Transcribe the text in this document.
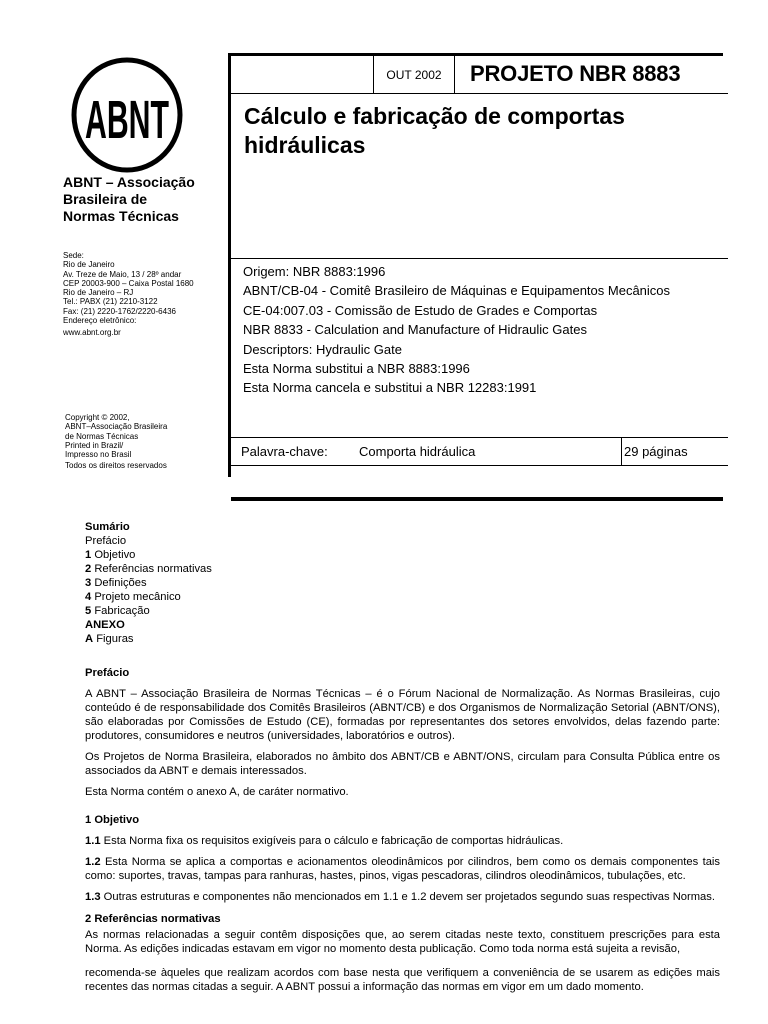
ABNT
ABNT – Associação
Brasileira de
Normas Técnicas
Sede:
Rio de Janeiro
Av. Treze de Maio, 13 / 28º andar
CEP 20003-900 – Caixa Postal 1680
Rio de Janeiro – RJ
Tel.: PABX (21) 2210-3122
Fax: (21) 2220-1762/2220-6436
Endereço eletrônico:
www.abnt.org.br
Copyright © 2002,
ABNT–Associação Brasileira
de Normas Técnicas
Printed in Brazil/
Impresso no Brasil
Todos os direitos reservados
OUT 2002 PROJETO NBR 8883
Cálculo e fabricação de comportas
hidráulicas
Origem: NBR 8883:1996
ABNT/CB-04 - Comitê Brasileiro de Máquinas e Equipamentos Mecânicos
CE-04:007.03 - Comissão de Estudo de Grades e Comportas
NBR 8833 - Calculation and Manufacture of Hidraulic Gates
Descriptors: Hydraulic Gate
Esta Norma substitui a NBR 8883:1996
Esta Norma cancela e substitui a NBR 12283:1991
Palavra-chave: Comporta hidráulica	29 páginas
Sumário
Prefácio
1 Objetivo
2 Referências normativas
3 Definições
4 Projeto mecânico
5 Fabricação
ANEXO
A Figuras
Prefácio

A ABNT – Associação Brasileira de Normas Técnicas – é o Fórum Nacional de Normalização. As Normas Brasileiras, cujo conteúdo é de responsabilidade dos Comitês Brasileiros (ABNT/CB) e dos Organismos de Normalização Setorial (ABNT/ONS), são elaboradas por Comissões de Estudo (CE), formadas por representantes dos setores envolvidos, delas fazendo parte: produtores, consumidores e neutros (universidades, laboratórios e outros).

Os Projetos de Norma Brasileira, elaborados no âmbito dos ABNT/CB e ABNT/ONS, circulam para Consulta Pública entre os associados da ABNT e demais interessados.

Esta Norma contém o anexo A, de caráter normativo.

1 Objetivo

1.1 Esta Norma fixa os requisitos exigíveis para o cálculo e fabricação de comportas hidráulicas.

1.2 Esta Norma se aplica a comportas e acionamentos oleodinâmicos por cilindros, bem como os demais componentes tais como: suportes, travas, tampas para ranhuras, hastes, pinos, vigas pescadoras, cilindros oleodinâmicos, tubulações, etc.

1.3 Outras estruturas e componentes não mencionados em 1.1 e 1.2 devem ser projetados segundo suas respectivas Normas.

2 Referências normativas

As normas relacionadas a seguir contêm disposições que, ao serem citadas neste texto, constituem prescrições para esta Norma. As edições indicadas estavam em vigor no momento desta publicação. Como toda norma está sujeita a revisão,

recomenda-se àqueles que realizam acordos com base nesta que verifiquem a conveniência de se usarem as edições mais recentes das normas citadas a seguir. A ABNT possui a informação das normas em vigor em um dado momento.
